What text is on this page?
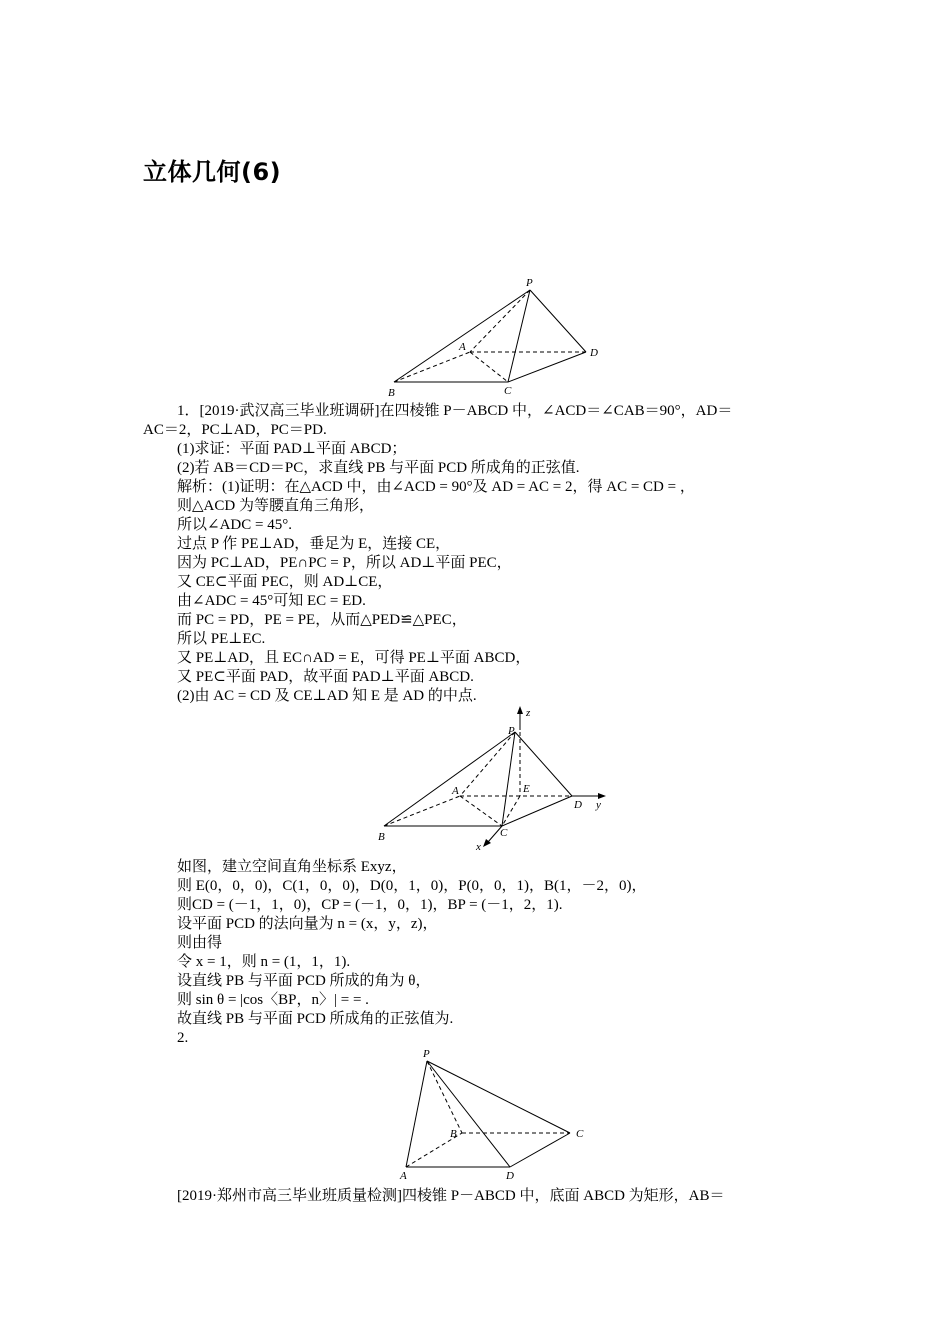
立体几何(6)
P
A	D
B	C
1．[2019·武汉高三毕业班调研]在四棱锥 P－ABCD 中，∠ACD＝∠CAB＝90°，AD＝
AC＝2，PC⊥AD，PC＝PD.
(1)求证：平面 PAD⊥平面 ABCD；
(2)若 AB＝CD＝PC，求直线 PB 与平面 PCD 所成角的正弦值.
解析：(1)证明：在△ACD 中，由∠ACD = 90°及 AD = AC = 2，得 AC = CD = ，
则△ACD 为等腰直角三角形，
所以∠ADC = 45°.
过点 P 作 PE⊥AD，垂足为 E，连接 CE，
因为 PC⊥AD，PE∩PC = P，所以 AD⊥平面 PEC，
又 CE⊂平面 PEC，则 AD⊥CE，
由∠ADC = 45°可知 EC = ED.
而 PC = PD，PE = PE，从而△PED≌△PEC，
所以 PE⊥EC.
又 PE⊥AD，且 EC∩AD = E，可得 PE⊥平面 ABCD，
又 PE⊂平面 PAD，故平面 PAD⊥平面 ABCD.
(2)由 AC = CD 及 CE⊥AD 知 E 是 AD 的中点.
z
P
E
A
D y
B	C
x
如图，建立空间直角坐标系 Exyz，
则 E(0，0，0)，C(1，0，0)，D(0，1，0)，P(0，0，1)，B(1，－2，0)，
则CD = (－1，1，0)，CP = (－1，0，1)，BP = (－1，2，1).
设平面 PCD 的法向量为 n = (x，y，z)，
则由得
令 x = 1，则 n = (1，1，1).
设直线 PB 与平面 PCD 所成的角为 θ，
则 sin θ = |cos〈BP，n〉| = = .
故直线 PB 与平面 PCD 所成角的正弦值为.
2.
P
B	C
A	D
[2019·郑州市高三毕业班质量检测]四棱锥 P－ABCD 中，底面 ABCD 为矩形，AB＝
